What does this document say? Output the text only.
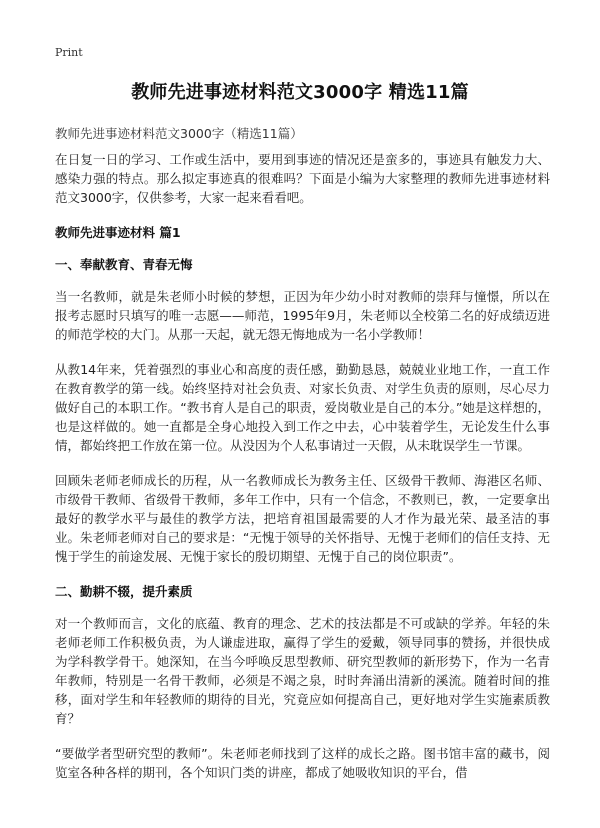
Print
教师先进事迹材料范文3000字 精选11篇
教师先进事迹材料范文3000字（精选11篇）

在日复一日的学习、工作或生活中，要用到事迹的情况还是蛮多的，事迹具有触发力大、感染力强的特点。那么拟定事迹真的很难吗？下面是小编为大家整理的教师先进事迹材料范文3000字，仅供参考，大家一起来看看吧。

教师先进事迹材料 篇1
一、奉献教育、青春无悔

当一名教师，就是朱老师小时候的梦想，正因为年少幼小时对教师的崇拜与憧憬，所以在报考志愿时只填写的唯一志愿——师范，1995年9月，朱老师以全校第二名的好成绩迈进的师范学校的大门。从那一天起，就无怨无悔地成为一名小学教师！

从教14年来，凭着强烈的事业心和高度的责任感，勤勤恳恳，兢兢业业地工作，一直工作在教育教学的第一线。始终坚持对社会负责、对家长负责、对学生负责的原则，尽心尽力做好自己的本职工作。“教书育人是自己的职责，爱岗敬业是自己的本分。”她是这样想的，也是这样做的。她一直都是全身心地投入到工作之中去，心中装着学生，无论发生什么事情，都始终把工作放在第一位。从没因为个人私事请过一天假，从未耽误学生一节课。

回顾朱老师老师成长的历程，从一名教师成长为教务主任、区级骨干教师、海港区名师、市级骨干教师、省级骨干教师，多年工作中，只有一个信念，不教则已，教，一定要拿出最好的教学水平与最佳的教学方法，把培育祖国最需要的人才作为最光荣、最圣洁的事业。朱老师老师对自己的要求是：“无愧于领导的关怀指导、无愧于老师们的信任支持、无愧于学生的前途发展、无愧于家长的殷切期望、无愧于自己的岗位职责”。

二、勤耕不辍，提升素质

对一个教师而言，文化的底蕴、教育的理念、艺术的技法都是不可或缺的学养。年轻的朱老师老师工作积极负责，为人谦虚进取，赢得了学生的爱戴，领导同事的赞扬，并很快成为学科教学骨干。她深知，在当今呼唤反思型教师、研究型教师的新形势下，作为一名青年教师，特别是一名骨干教师，必须是不竭之泉，时时奔涌出清新的溪流。随着时间的推移，面对学生和年轻教师的期待的目光，究竟应如何提高自己，更好地对学生实施素质教育？

“要做学者型研究型的教师”。朱老师老师找到了这样的成长之路。图书馆丰富的藏书，阅览室各种各样的期刊，各个知识门类的讲座，都成了她吸收知识的平台，借
